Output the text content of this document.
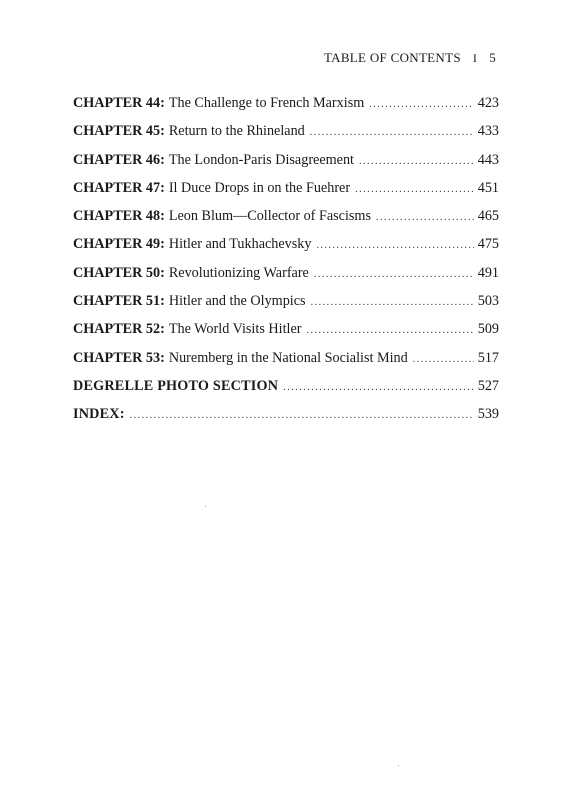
TABLE OF CONTENTS I 5
CHAPTER 44: The Challenge to French Marxism .....	423
CHAPTER 45: Return to the Rhineland .....	433
CHAPTER 46: The London-Paris Disagreement .....	443
CHAPTER 47: Il Duce Drops in on the Fuehrer .....	451
CHAPTER 48: Leon Blum—Collector of Fascisms .....	465
CHAPTER 49: Hitler and Tukhachevsky .....	475
CHAPTER 50: Revolutionizing Warfare .....	491
CHAPTER 51: Hitler and the Olympics .....	503
CHAPTER 52: The World Visits Hitler .....	509
CHAPTER 53: Nuremberg in the National Socialist Mind .....	517
DEGRELLE PHOTO SECTION .....	527
INDEX: .....	539
